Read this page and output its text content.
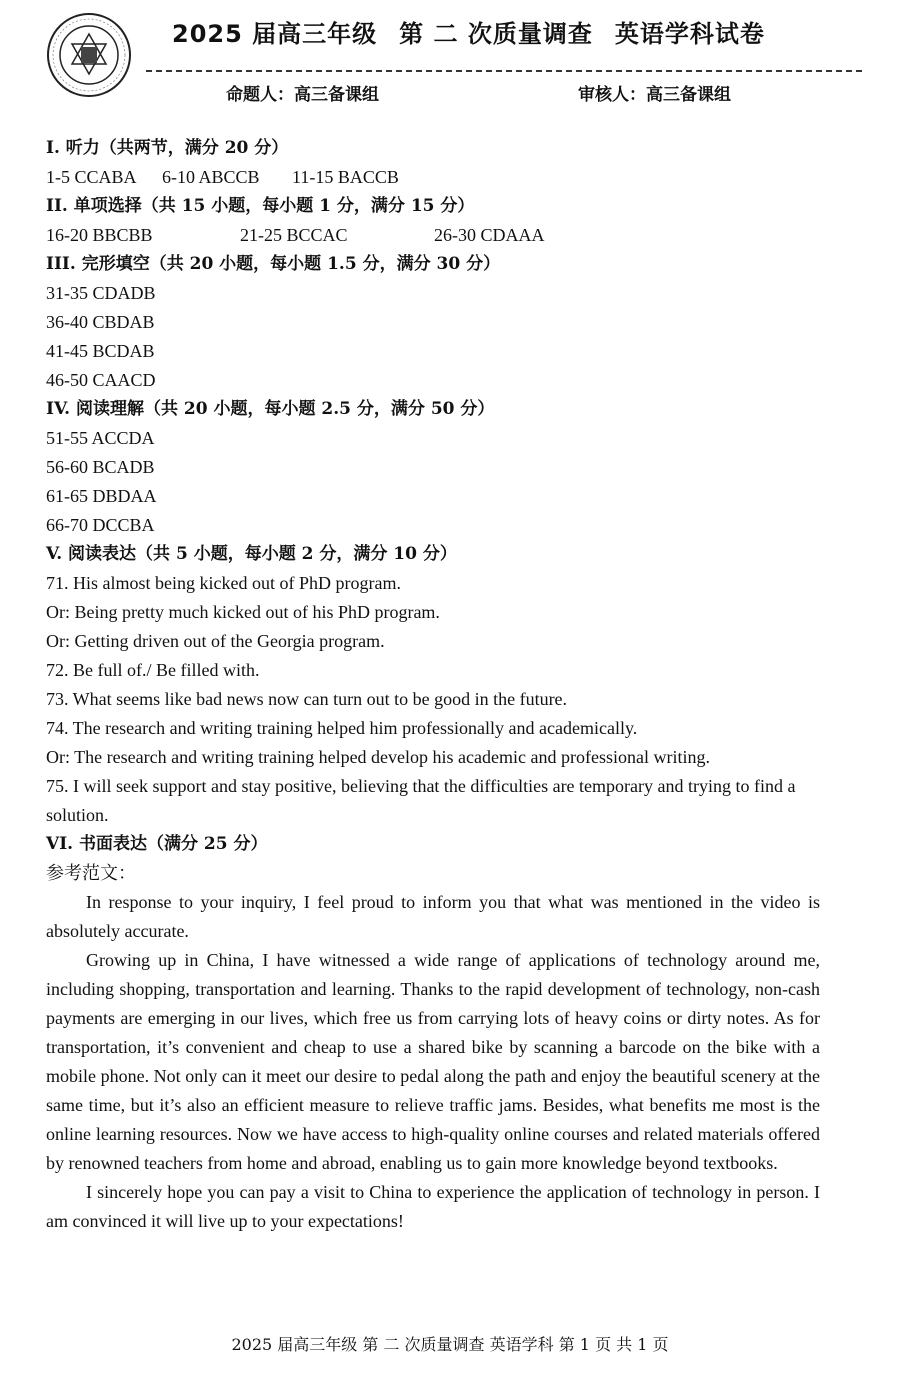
2025 届高三年级 第 二 次质量调查 英语学科试卷
命题人：高三备课组	审核人：高三备课组
I. 听力（共两节，满分 20 分）
1-5 CCABA 6-10 ABCCB 11-15 BACCB
II. 单项选择（共 15 小题，每小题 1 分，满分 15 分）
16-20 BBCBB	21-25 BCCAC	26-30 CDAAA
III. 完形填空（共 20 小题，每小题 1.5 分，满分 30 分）
31-35 CDADB
36-40 CBDAB
41-45 BCDAB
46-50 CAACD
IV. 阅读理解（共 20 小题，每小题 2.5 分，满分 50 分）
51-55 ACCDA
56-60 BCADB
61-65 DBDAA
66-70 DCCBA
V. 阅读表达（共 5 小题，每小题 2 分，满分 10 分）
71. His almost being kicked out of PhD program.
Or: Being pretty much kicked out of his PhD program.
Or: Getting driven out of the Georgia program.
72. Be full of./ Be filled with.
73. What seems like bad news now can turn out to be good in the future.
74. The research and writing training helped him professionally and academically.
Or: The research and writing training helped develop his academic and professional writing.
75. I will seek support and stay positive, believing that the difficulties are temporary and trying to find a solution.
VI. 书面表达（满分 25 分）
参考范文：

In response to your inquiry, I feel proud to inform you that what was mentioned in the video is absolutely accurate.

Growing up in China, I have witnessed a wide range of applications of technology around me, including shopping, transportation and learning. Thanks to the rapid development of technology, non-cash payments are emerging in our lives, which free us from carrying lots of heavy coins or dirty notes. As for transportation, it’s convenient and cheap to use a shared bike by scanning a barcode on the bike with a mobile phone. Not only can it meet our desire to pedal along the path and enjoy the beautiful scenery at the same time, but it’s also an efficient measure to relieve traffic jams. Besides, what benefits me most is the online learning resources. Now we have access to high-quality online courses and related materials offered by renowned teachers from home and abroad, enabling us to gain more knowledge beyond textbooks.

I sincerely hope you can pay a visit to China to experience the application of technology in person. I am convinced it will live up to your expectations!

2025 届高三年级 第 二 次质量调查 英语学科 第 1 页 共 1 页
